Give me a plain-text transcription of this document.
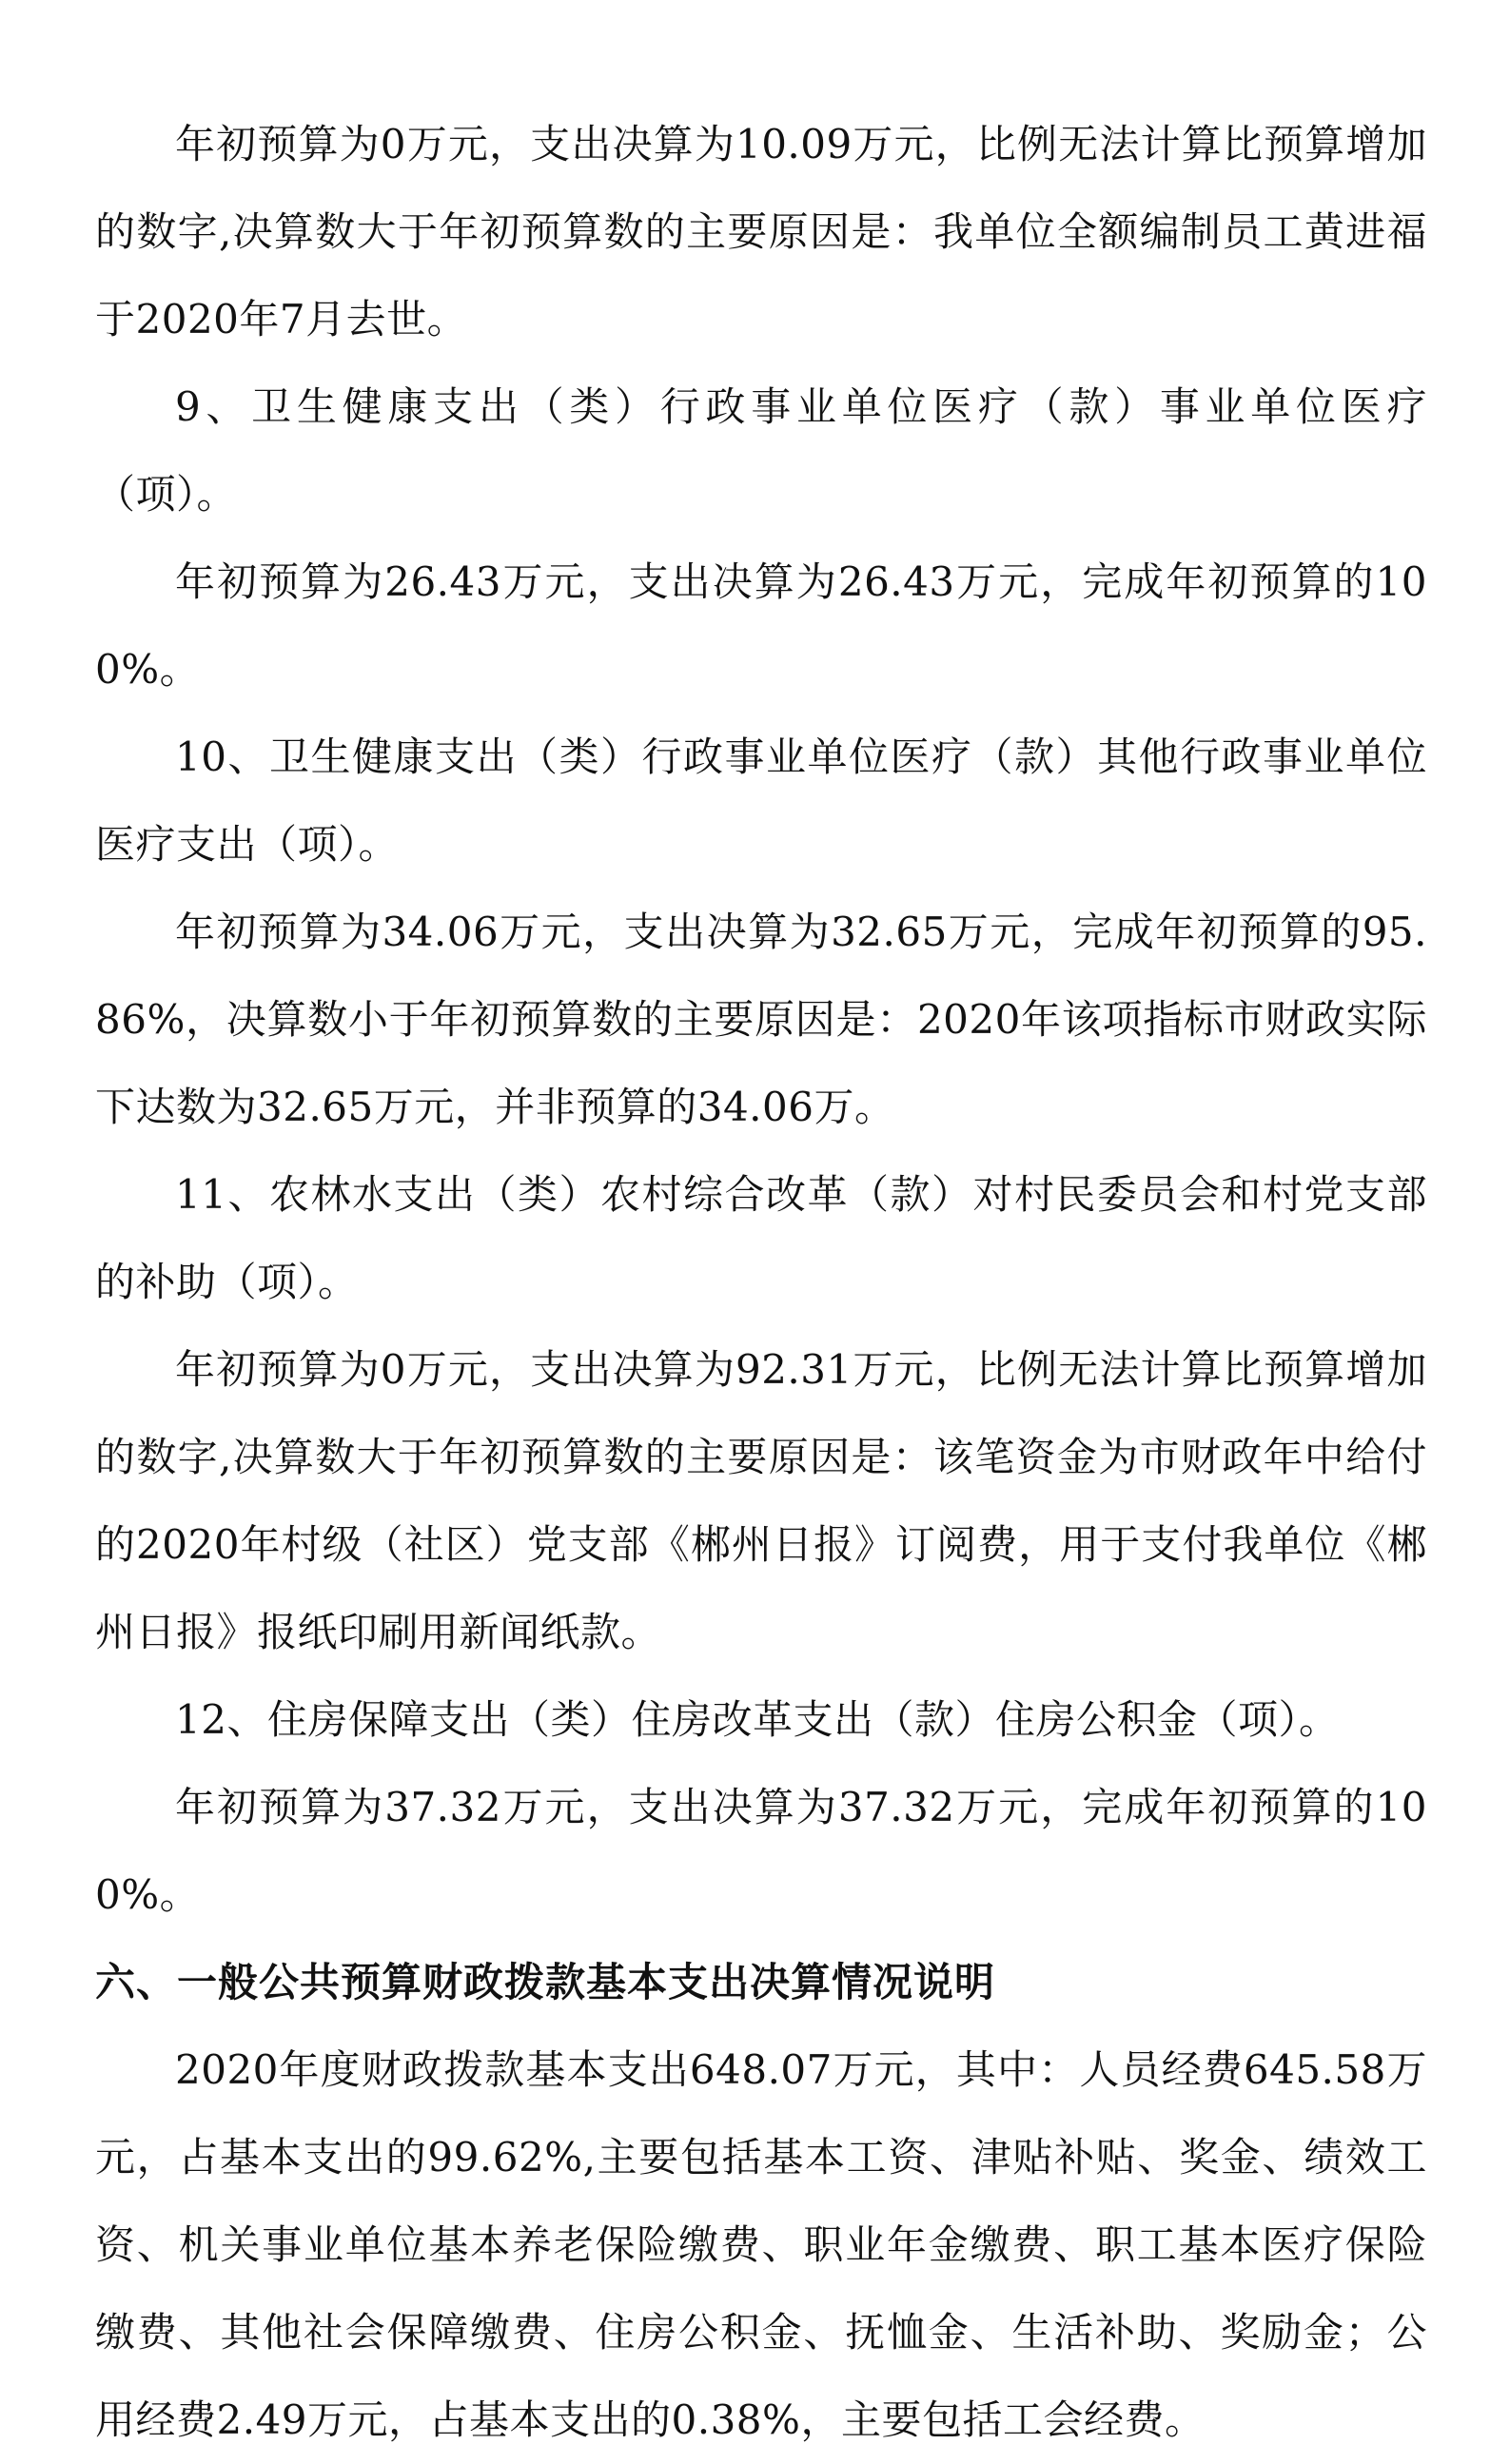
年初预算为0万元，支出决算为10.09万元，比例无法计算比预算增加的数字,决算数大于年初预算数的主要原因是：我单位全额编制员工黄进福于2020年7月去世。

9、卫生健康支出（类）行政事业单位医疗（款）事业单位医疗（项）。

年初预算为26.43万元，支出决算为26.43万元，完成年初预算的100%。

10、卫生健康支出（类）行政事业单位医疗（款）其他行政事业单位医疗支出（项）。

年初预算为34.06万元，支出决算为32.65万元，完成年初预算的95.86%，决算数小于年初预算数的主要原因是：2020年该项指标市财政实际下达数为32.65万元，并非预算的34.06万。

11、农林水支出（类）农村综合改革（款）对村民委员会和村党支部的补助（项）。

年初预算为0万元，支出决算为92.31万元，比例无法计算比预算增加的数字,决算数大于年初预算数的主要原因是：该笔资金为市财政年中给付的2020年村级（社区）党支部《郴州日报》订阅费，用于支付我单位《郴州日报》报纸印刷用新闻纸款。

12、住房保障支出（类）住房改革支出（款）住房公积金（项）。

年初预算为37.32万元，支出决算为37.32万元，完成年初预算的100%。

六、一般公共预算财政拨款基本支出决算情况说明

2020年度财政拨款基本支出648.07万元，其中：人员经费645.58万元，占基本支出的99.62%,主要包括基本工资、津贴补贴、奖金、绩效工资、机关事业单位基本养老保险缴费、职业年金缴费、职工基本医疗保险缴费、其他社会保障缴费、住房公积金、抚恤金、生活补助、奖励金；公用经费2.49万元，占基本支出的0.38%，主要包括工会经费。
